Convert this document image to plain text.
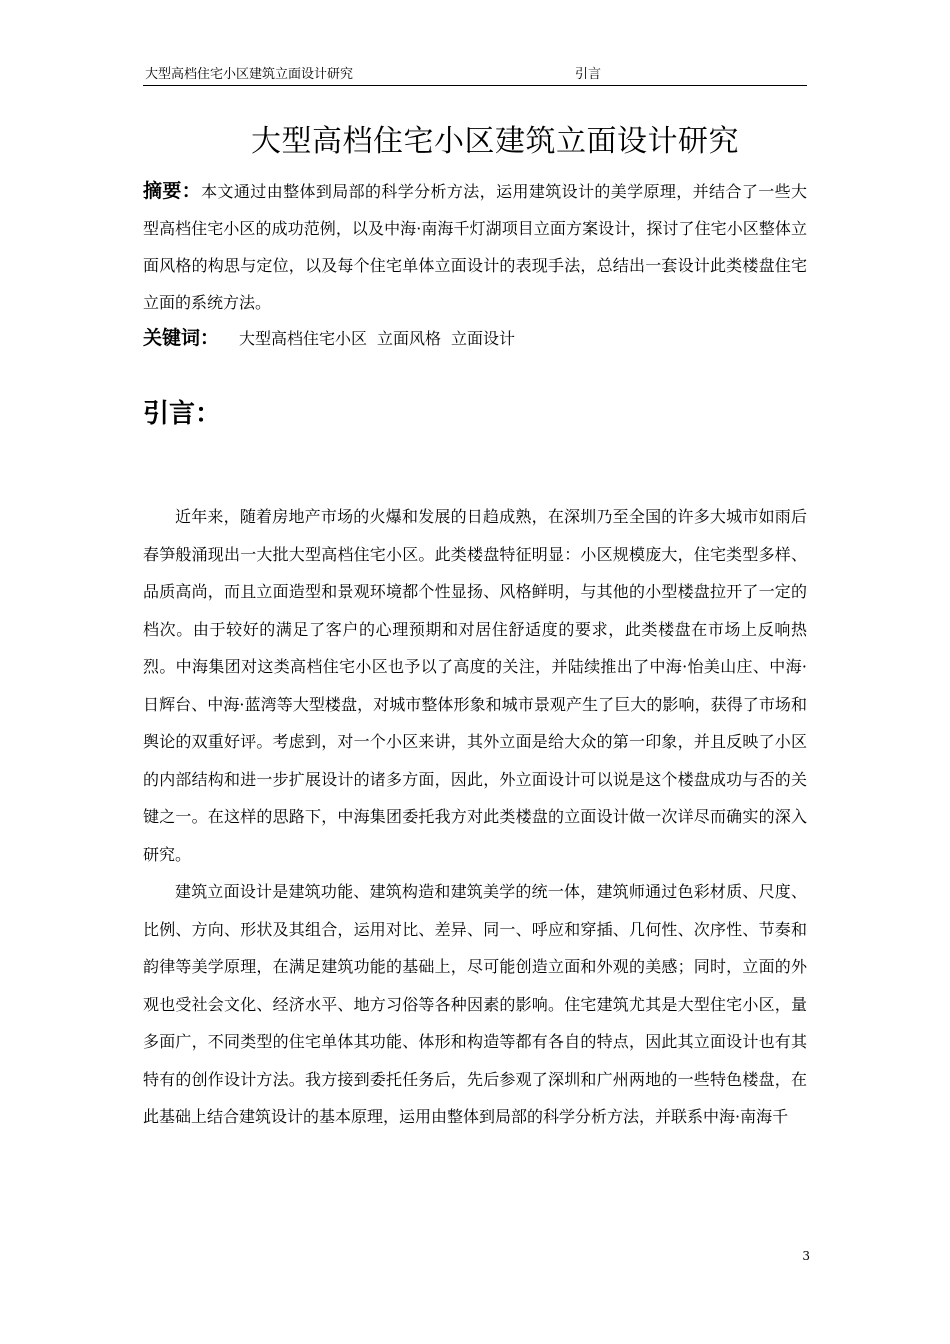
大型高档住宅小区建筑立面设计研究	引言
大型高档住宅小区建筑立面设计研究
摘要：本文通过由整体到局部的科学分析方法，运用建筑设计的美学原理，并结合了一些大型高档住宅小区的成功范例，以及中海·南海千灯湖项目立面方案设计，探讨了住宅小区整体立面风格的构思与定位，以及每个住宅单体立面设计的表现手法，总结出一套设计此类楼盘住宅立面的系统方法。
关键词： 大型高档住宅小区 立面风格 立面设计
引言：

近年来，随着房地产市场的火爆和发展的日趋成熟，在深圳乃至全国的许多大城市如雨后春笋般涌现出一大批大型高档住宅小区。此类楼盘特征明显：小区规模庞大，住宅类型多样、品质高尚，而且立面造型和景观环境都个性显扬、风格鲜明，与其他的小型楼盘拉开了一定的档次。由于较好的满足了客户的心理预期和对居住舒适度的要求，此类楼盘在市场上反响热烈。中海集团对这类高档住宅小区也予以了高度的关注，并陆续推出了中海·怡美山庄、中海·日辉台、中海·蓝湾等大型楼盘，对城市整体形象和城市景观产生了巨大的影响，获得了市场和舆论的双重好评。考虑到，对一个小区来讲，其外立面是给大众的第一印象，并且反映了小区的内部结构和进一步扩展设计的诸多方面，因此，外立面设计可以说是这个楼盘成功与否的关键之一。在这样的思路下，中海集团委托我方对此类楼盘的立面设计做一次详尽而确实的深入研究。

建筑立面设计是建筑功能、建筑构造和建筑美学的统一体，建筑师通过色彩材质、尺度、比例、方向、形状及其组合，运用对比、差异、同一、呼应和穿插、几何性、次序性、节奏和韵律等美学原理，在满足建筑功能的基础上，尽可能创造立面和外观的美感；同时，立面的外观也受社会文化、经济水平、地方习俗等各种因素的影响。住宅建筑尤其是大型住宅小区，量多面广，不同类型的住宅单体其功能、体形和构造等都有各自的特点，因此其立面设计也有其特有的创作设计方法。我方接到委托任务后，先后参观了深圳和广州两地的一些特色楼盘，在此基础上结合建筑设计的基本原理，运用由整体到局部的科学分析方法，并联系中海·南海千

3
